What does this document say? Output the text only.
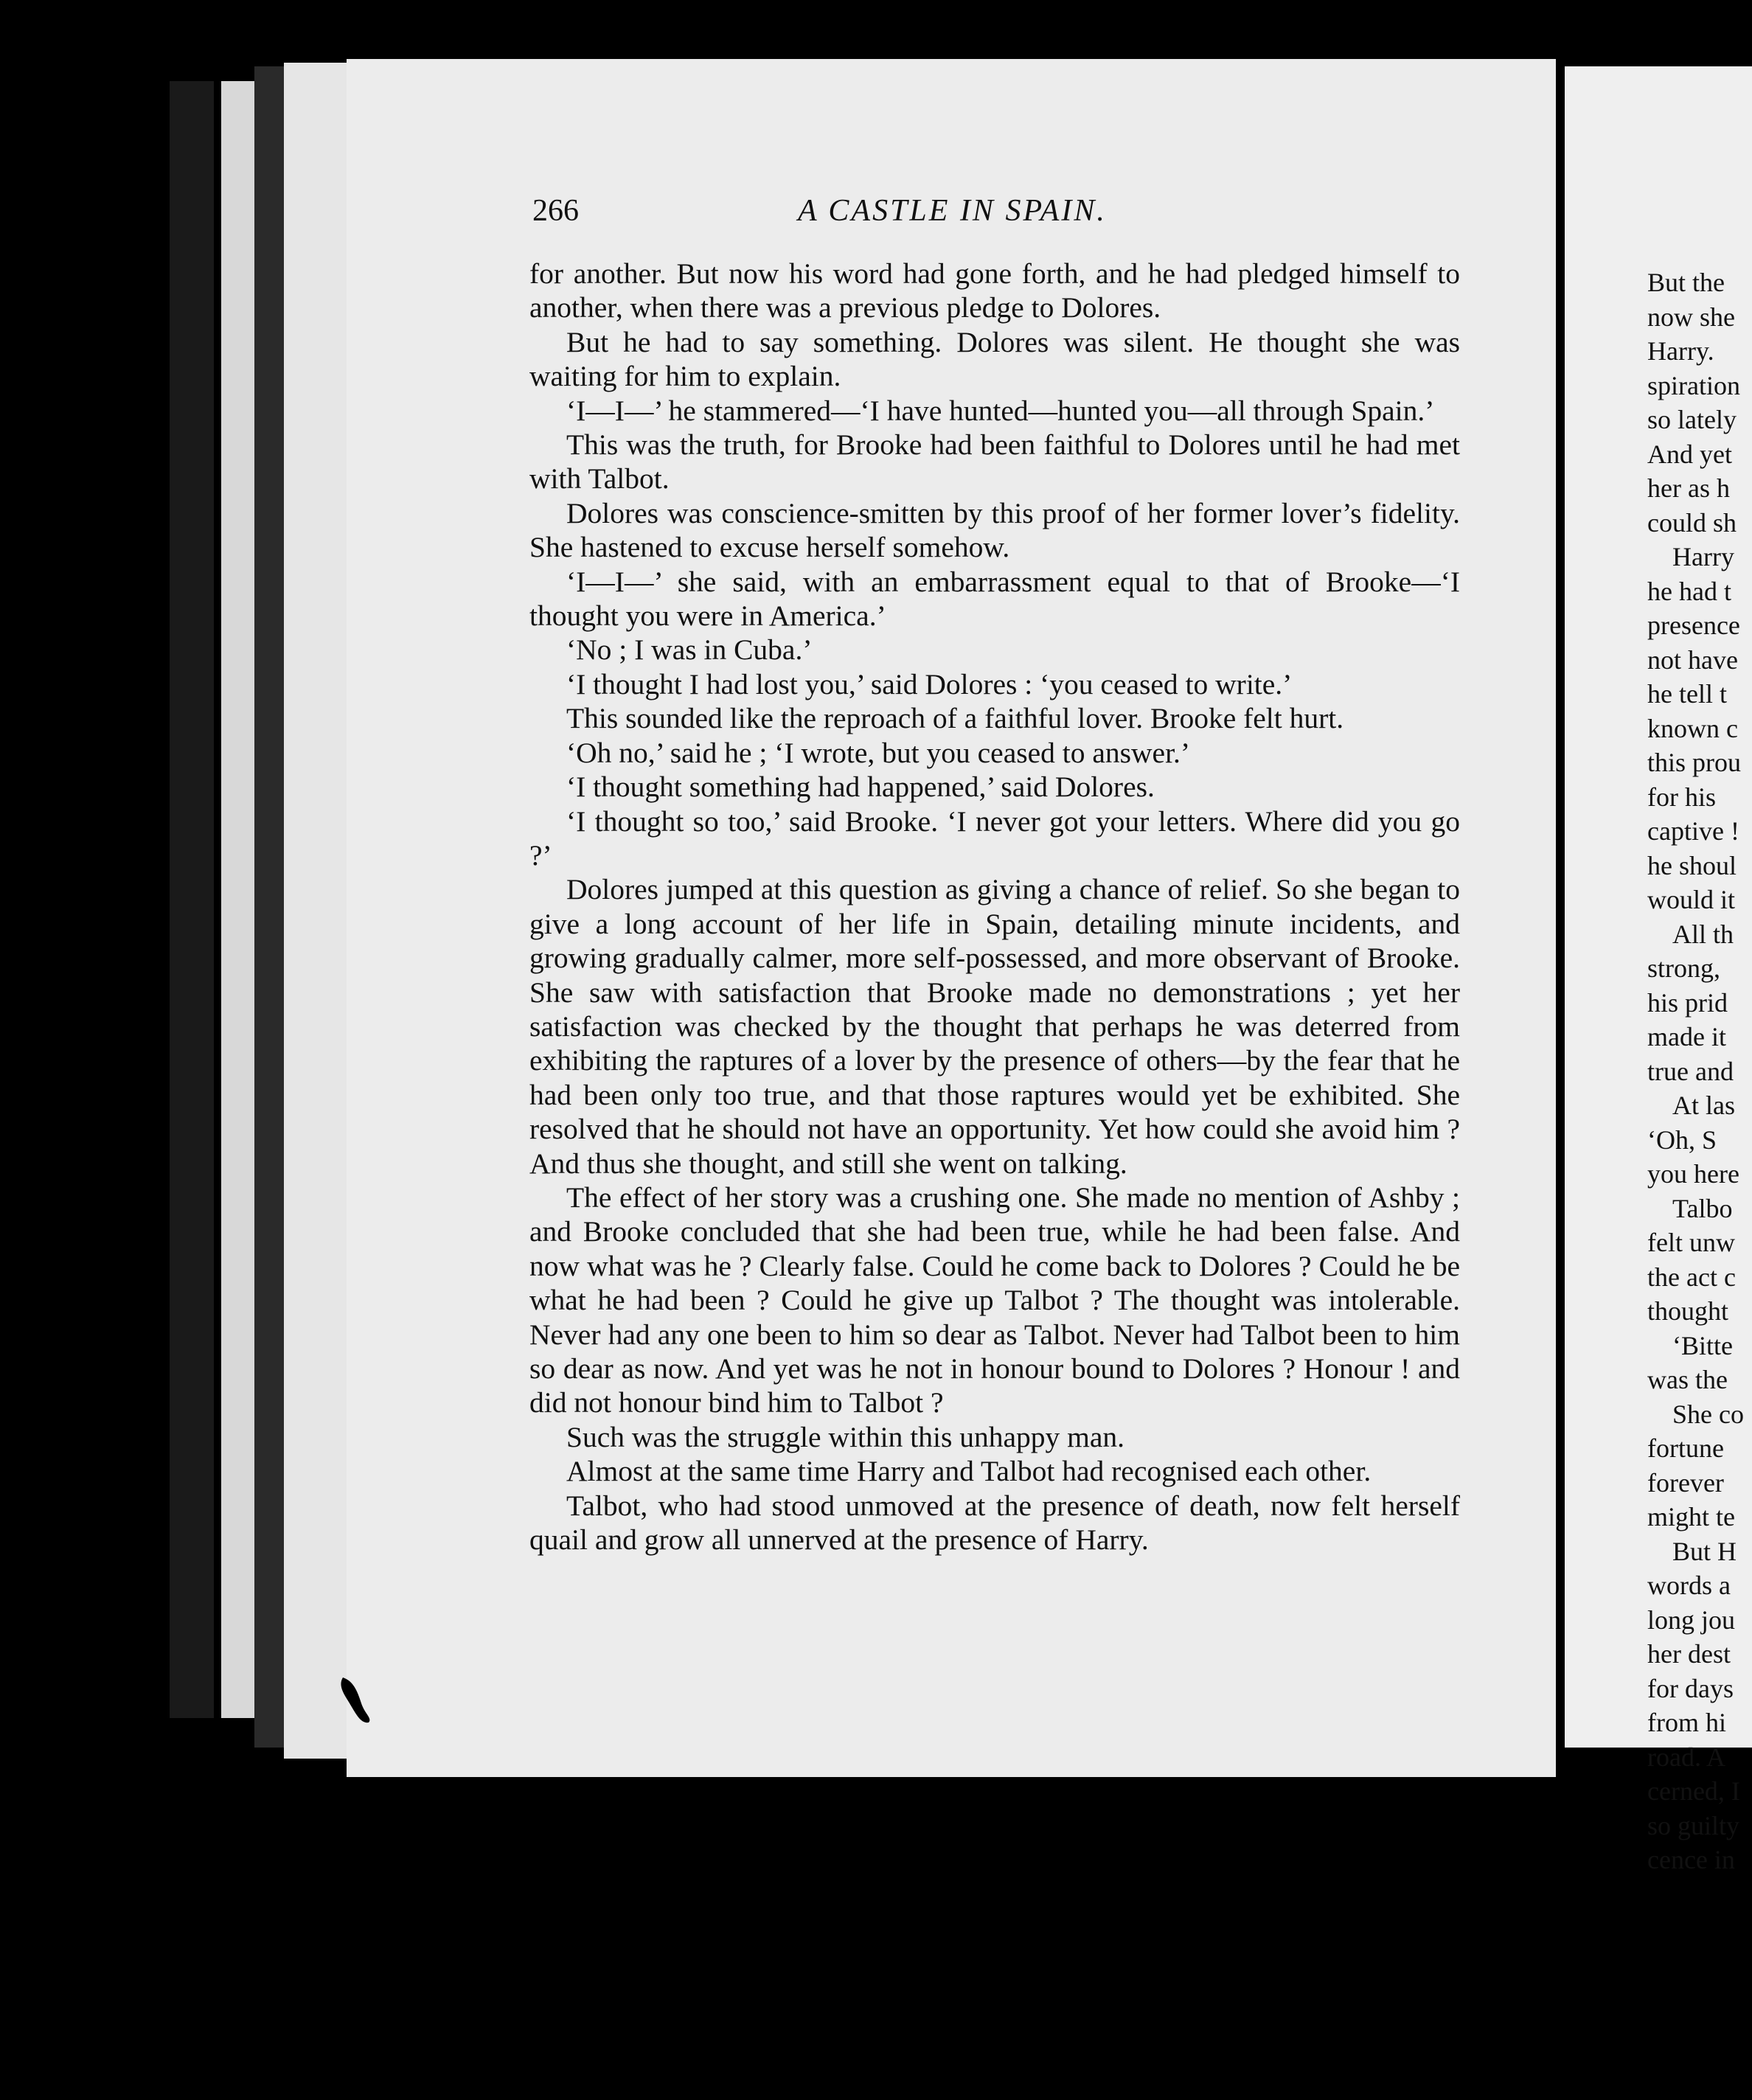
266	A CASTLE IN SPAIN.

for another. But now his word had gone forth, and he had pledged himself to another, when there was a previous pledge to Dolores.

But he had to say something. Dolores was silent. He thought she was waiting for him to explain.

‘I—I—’ he stammered—‘I have hunted—hunted you—all through Spain.’

This was the truth, for Brooke had been faithful to Dolores until he had met with Talbot.

Dolores was conscience-smitten by this proof of her former lover’s fidelity. She hastened to excuse herself somehow.

‘I—I—’ she said, with an embarrassment equal to that of Brooke—‘I thought you were in America.’

‘No ; I was in Cuba.’

‘I thought I had lost you,’ said Dolores : ‘you ceased to write.’

This sounded like the reproach of a faithful lover. Brooke felt hurt.

‘Oh no,’ said he ; ‘I wrote, but you ceased to answer.’

‘I thought something had happened,’ said Dolores.

‘I thought so too,’ said Brooke. ‘I never got your letters. Where did you go ?’

Dolores jumped at this question as giving a chance of relief. So she began to give a long account of her life in Spain, detailing minute incidents, and growing gradually calmer, more self-possessed, and more observant of Brooke. She saw with satisfaction that Brooke made no demonstrations ; yet her satisfaction was checked by the thought that perhaps he was deterred from exhibiting the raptures of a lover by the presence of others—by the fear that he had been only too true, and that those raptures would yet be exhibited. She resolved that he should not have an opportunity. Yet how could she avoid him ? And thus she thought, and still she went on talking.

The effect of her story was a crushing one. She made no mention of Ashby ; and Brooke concluded that she had been true, while he had been false. And now what was he ? Clearly false. Could he come back to Dolores ? Could he be what he had been ? Could he give up Talbot ? The thought was intolerable. Never had any one been to him so dear as Talbot. Never had Talbot been to him so dear as now. And yet was he not in honour bound to Dolores ? Honour ! and did not honour bind him to Talbot ?

Such was the struggle within this unhappy man.

Almost at the same time Harry and Talbot had recognised each other.

Talbot, who had stood unmoved at the presence of death, now felt herself quail and grow all unnerved at the presence of Harry.

But the
now she
Harry.
spiration
so lately
And yet
her as h
could sh
Harry
he had t
presence
not have
he tell t
known c
this prou
for his
captive !
he shoul
would it
All th
strong,
his prid
made it
true and
At las
‘Oh, S
you here
Talbo
felt unw
the act c
thought
‘Bitte
was the
She co
fortune
forever
might te
But H
words a
long jou
her dest
for days
from hi
road. A
cerned, I
so guilty
cence in
